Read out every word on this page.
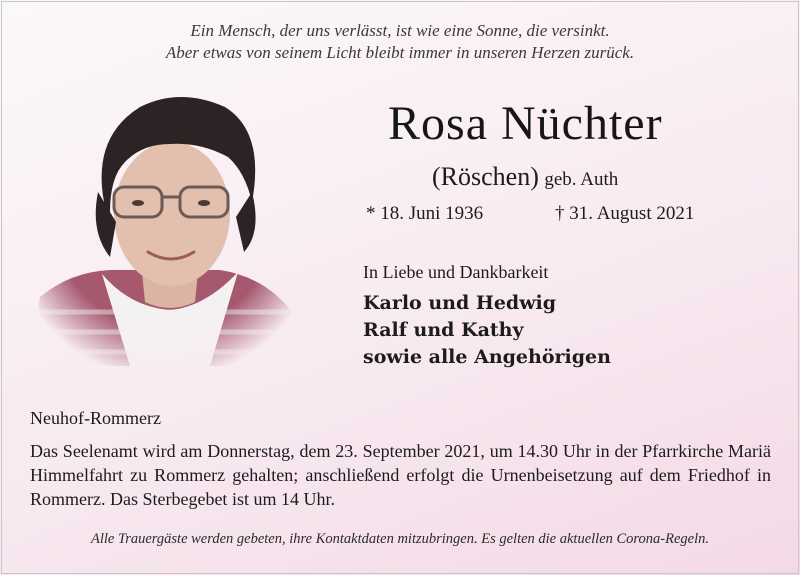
Ein Mensch, der uns verlässt, ist wie eine Sonne, die versinkt.
Aber etwas von seinem Licht bleibt immer in unseren Herzen zurück.
Rosa Nüchter
(Röschen) geb. Auth
* 18. Juni 1936	† 31. August 2021
In Liebe und Dankbarkeit
Karlo und Hedwig
Ralf und Kathy
sowie alle Angehörigen
Neuhof-Rommerz
Das Seelenamt wird am Donnerstag, dem 23. September 2021, um 14.30 Uhr in der Pfarrkirche Mariä Himmelfahrt zu Rommerz gehalten; anschließend erfolgt die Urnenbeisetzung auf dem Friedhof in Rommerz. Das Sterbegebet ist um 14 Uhr.
Alle Trauergäste werden gebeten, ihre Kontaktdaten mitzubringen. Es gelten die aktuellen Corona-Regeln.
